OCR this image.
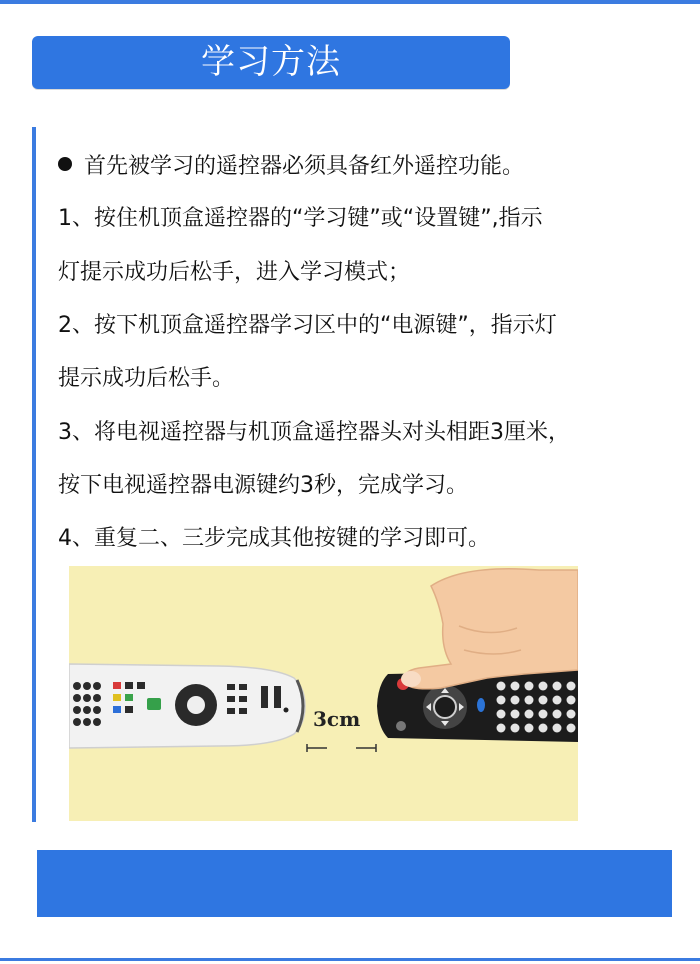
学习方法
首先被学习的遥控器必须具备红外遥控功能。
1、按住机顶盒遥控器的“学习键”或“设置键”,指示
灯提示成功后松手，进入学习模式；
2、按下机顶盒遥控器学习区中的“电源键”，指示灯
提示成功后松手。
3、将电视遥控器与机顶盒遥控器头对头相距3厘米，
按下电视遥控器电源键约3秒，完成学习。
4、重复二、三步完成其他按键的学习即可。
3cm
